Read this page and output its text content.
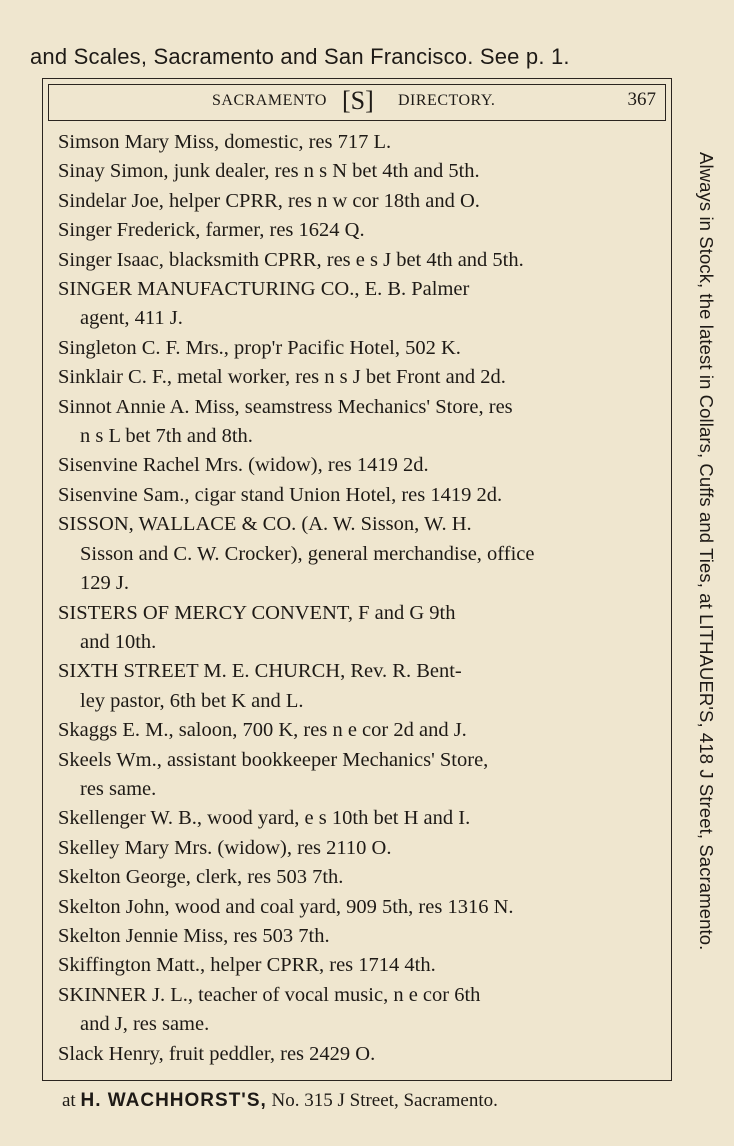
and Scales, Sacramento and San Francisco. See p. 1.
SACRAMENTO [S] DIRECTORY.	367
Simson Mary Miss, domestic, res 717 L.
Sinay Simon, junk dealer, res n s N bet 4th and 5th.
Sindelar Joe, helper CPRR, res n w cor 18th and O.
Singer Frederick, farmer, res 1624 Q.
Singer Isaac, blacksmith CPRR, res e s J bet 4th and 5th.
SINGER MANUFACTURING CO., E. B. Palmer
agent, 411 J.
Singleton C. F. Mrs., prop'r Pacific Hotel, 502 K.
Sinklair C. F., metal worker, res n s J bet Front and 2d.
Sinnot Annie A. Miss, seamstress Mechanics' Store, res
n s L bet 7th and 8th.
Sisenvine Rachel Mrs. (widow), res 1419 2d.
Sisenvine Sam., cigar stand Union Hotel, res 1419 2d.
SISSON, WALLACE & CO. (A. W. Sisson, W. H.
Sisson and C. W. Crocker), general merchandise, office
129 J.
SISTERS OF MERCY CONVENT, F and G 9th
and 10th.
SIXTH STREET M. E. CHURCH, Rev. R. Bent-
ley pastor, 6th bet K and L.
Skaggs E. M., saloon, 700 K, res n e cor 2d and J.
Skeels Wm., assistant bookkeeper Mechanics' Store,
res same.
Skellenger W. B., wood yard, e s 10th bet H and I.
Skelley Mary Mrs. (widow), res 2110 O.
Skelton George, clerk, res 503 7th.
Skelton John, wood and coal yard, 909 5th, res 1316 N.
Skelton Jennie Miss, res 503 7th.
Skiffington Matt., helper CPRR, res 1714 4th.
SKINNER J. L., teacher of vocal music, n e cor 6th
and J, res same.
Slack Henry, fruit peddler, res 2429 O.
Always in Stock, the latest in Collars, Cuffs and Ties, at LITHAUER'S, 418 J Street, Sacramento.
at H. WACHHORST'S, No. 315 J Street, Sacramento.
